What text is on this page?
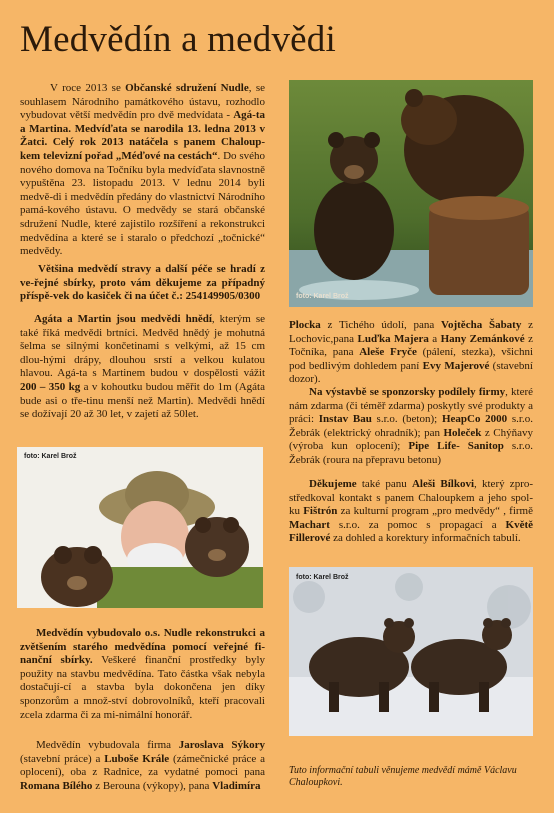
Medvědín a medvědi
foto: Karel Brož
foto: Karel Brož
foto: Karel Brož

V roce 2013 se Občanské sdružení Nudle, se souhlasem Národního památkového ústavu, rozhodlo vybudovat větší medvědín pro dvě medvídata - Agá-ta a Martina. Medvíďata se narodila 13. ledna 2013 v Žatci. Celý rok 2013 natáčela s panem Chaloup-kem televizní pořad „Méďové na cestách“. Do svého nového domova na Točníku byla medvíďata slavnostně vypuštěna 23. listopadu 2013. V lednu 2014 byli medvě-di i medvědín předány do vlastnictví Národního pamá-kového ústavu. O medvědy se stará občanské sdružení Nudle, které zajistilo rozšíření a rekonstrukci medvědína a které se i staralo o předchozí „točnické“ medvědy.

Většina medvědí stravy a další péče se hradí z ve-řejné sbírky, proto vám děkujeme za případný příspě-vek do kasiček či na účet č.: 254149905/0300

Agáta a Martin jsou medvědi hnědí, kterým se také říká medvědi brtníci. Medvěd hnědý je mohutná šelma se silnými končetinami s velkými, až 15 cm dlou-hými drápy, dlouhou srstí a velkou kulatou hlavou. Agá-ta s Martinem budou v dospělosti vážit 200 – 350 kg a v kohoutku budou měřit do 1m (Agáta bude asi o tře-tinu menší než Martin). Medvědi hnědí se dožívají 20 až 30 let, v zajetí až 50let.

Medvědín vybudovalo o.s. Nudle rekonstrukci a zvětšením starého medvědína pomocí veřejné fi-nanční sbírky. Veškeré finanční prostředky byly použity na stavbu medvědína. Tato částka však nebyla dostačují-cí a stavba byla dokončena jen díky sponzorům a množ-ství dobrovolníků, kteří pracovali zcela zdarma či za mi-nimální honorář.

Medvědín vybudovala firma Jaroslava Sýkory (stavební práce) a Luboše Krále (zámečnické práce a oplocení), oba z Radnice, za vydatné pomoci pana Romana Bílého z Berouna (výkopy), pana Vladimíra

Plocka z Tichého údolí, pana Vojtěcha Šabaty z Lochovic,pana Luďka Majera a Hany Zemánkové z Točníka, pana Aleše Fryče (pálení, stezka), všichni pod bedlivým dohledem paní Evy Majerové (stavební dozor).

Na výstavbě se sponzorsky podílely firmy, které nám zdarma (či téměř zdarma) poskytly své produkty a práci: Instav Bau s.r.o. (beton); HeapCo 2000 s.r.o. Žebrák (elektrický ohradník); pan Holeček z Chýňavy (výroba kun oplocení); Pipe Life- Sanitop s.r.o. Žebrák (roura na přepravu betonu)

Děkujeme také panu Aleši Bílkovi, který zpro-středkoval kontakt s panem Chaloupkem a jeho spol-ku Fištrón za kulturní program „pro medvědy“ , firmě Machart s.r.o. za pomoc s propagací a Květě Fillerové za dohled a korektury informačních tabulí.

Tuto informační tabuli věnujeme medvědí mámě Václavu Chaloupkovi.
